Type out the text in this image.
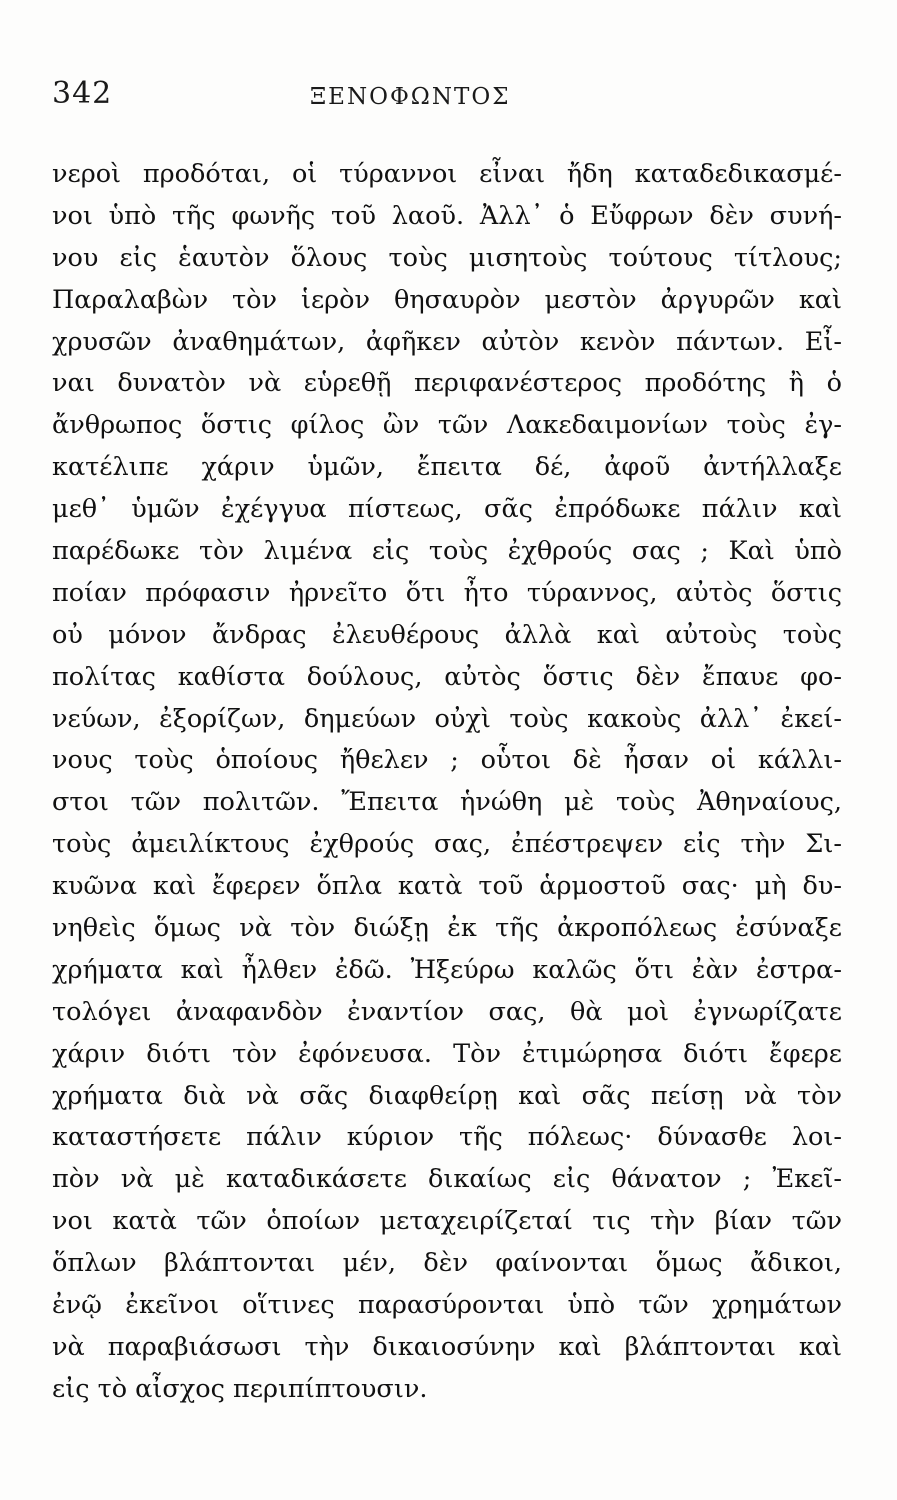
342	ΞΕΝΟΦΩΝΤΟΣ
νεροὶ προδόται, οἱ τύραννοι εἶναι ἤδη καταδεδικασμέ-
νοι ὑπὸ τῆς φωνῆς τοῦ λαοῦ. Ἀλλ᾽ ὁ Εὔφρων δὲν συνή-
νου εἰς ἑαυτὸν ὅλους τοὺς μισητοὺς τούτους τίτλους;
Παραλαβὼν τὸν ἱερὸν θησαυρὸν μεστὸν ἀργυρῶν καὶ
χρυσῶν ἀναθημάτων, ἀφῆκεν αὐτὸν κενὸν πάντων. Εἶ-
ναι δυνατὸν νὰ εὑρεθῇ περιφανέστερος προδότης ἢ ὁ
ἄνθρωπος ὅστις φίλος ὢν τῶν Λακεδαιμονίων τοὺς ἐγ-
κατέλιπε χάριν ὑμῶν, ἔπειτα δέ, ἀφοῦ ἀντήλλαξε
μεθ᾽ ὑμῶν ἐχέγγυα πίστεως, σᾶς ἐπρόδωκε πάλιν καὶ
παρέδωκε τὸν λιμένα εἰς τοὺς ἐχθρούς σας ; Καὶ ὑπὸ
ποίαν πρόφασιν ἠρνεῖτο ὅτι ἦτο τύραννος, αὐτὸς ὅστις
οὐ μόνον ἄνδρας ἐλευθέρους ἀλλὰ καὶ αὐτοὺς τοὺς
πολίτας καθίστα δούλους, αὐτὸς ὅστις δὲν ἔπαυε φο-
νεύων, ἐξορίζων, δημεύων οὐχὶ τοὺς κακοὺς ἀλλ᾽ ἐκεί-
νους τοὺς ὁποίους ἤθελεν ; οὗτοι δὲ ἦσαν οἱ κάλλι-
στοι τῶν πολιτῶν. Ἔπειτα ἡνώθη μὲ τοὺς Ἀθηναίους,
τοὺς ἀμειλίκτους ἐχθρούς σας, ἐπέστρεψεν εἰς τὴν Σι-
κυῶνα καὶ ἔφερεν ὅπλα κατὰ τοῦ ἁρμοστοῦ σας· μὴ δυ-
νηθεὶς ὅμως νὰ τὸν διώξῃ ἐκ τῆς ἀκροπόλεως ἐσύναξε
χρήματα καὶ ἦλθεν ἐδῶ. Ἠξεύρω καλῶς ὅτι ἐὰν ἐστρα-
τολόγει ἀναφανδὸν ἐναντίον σας, θὰ μοὶ ἐγνωρίζατε
χάριν διότι τὸν ἐφόνευσα. Τὸν ἐτιμώρησα διότι ἔφερε
χρήματα διὰ νὰ σᾶς διαφθείρῃ καὶ σᾶς πείσῃ νὰ τὸν
καταστήσετε πάλιν κύριον τῆς πόλεως· δύνασθε λοι-
πὸν νὰ μὲ καταδικάσετε δικαίως εἰς θάνατον ; Ἐκεῖ-
νοι κατὰ τῶν ὁποίων μεταχειρίζεταί τις τὴν βίαν τῶν
ὅπλων βλάπτονται μέν, δὲν φαίνονται ὅμως ἄδικοι,
ἐνῷ ἐκεῖνοι οἵτινες παρασύρονται ὑπὸ τῶν χρημάτων
νὰ παραβιάσωσι τὴν δικαιοσύνην καὶ βλάπτονται καὶ
εἰς τὸ αἶσχος περιπίπτουσιν.
